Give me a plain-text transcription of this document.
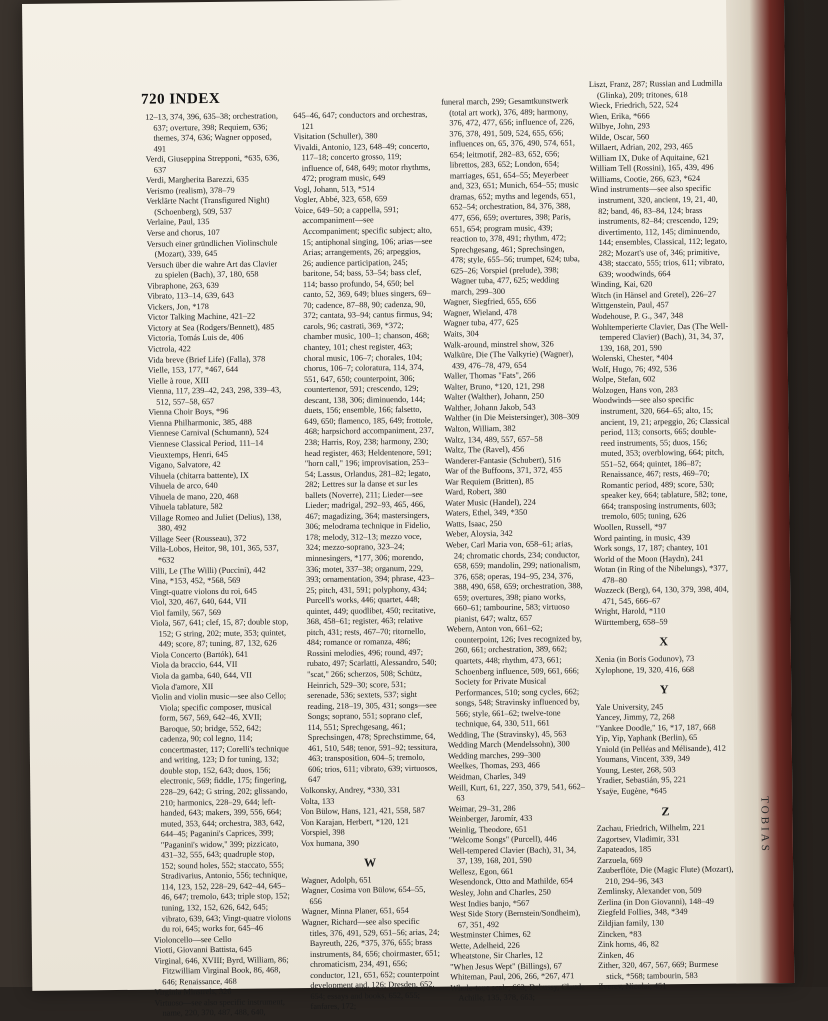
720 INDEX

12–13, 374, 396, 635–38; orchestration, 637; overture, 398; Requiem, 636; themes, 374, 636; Wagner opposed, 491

Verdi, Giuseppina Strepponi, *635, 636, 637

Verdi, Margherita Barezzi, 635

Verismo (realism), 378–79

Verklärte Nacht (Transfigured Night) (Schoenberg), 509, 537

Verlaine, Paul, 135

Verse and chorus, 107

Versuch einer gründlichen Violinschule (Mozart), 339, 645

Versuch über die wahre Art das Clavier zu spielen (Bach), 37, 180, 658

Vibraphone, 263, 639

Vibrato, 113–14, 639, 643

Vickers, Jon, *178

Victor Talking Machine, 421–22

Victory at Sea (Rodgers/Bennett), 485

Victoria, Tomás Luis de, 406

Victrola, 422

Vida breve (Brief Life) (Falla), 378

Vielle, 153, 177, *467, 644

Vielle à roue, XIII

Vienna, 117, 239–42, 243, 298, 339–43, 512, 557–58, 657

Vienna Choir Boys, *96

Vienna Philharmonic, 385, 488

Viennese Carnival (Schumann), 524

Viennese Classical Period, 111–14

Vieuxtemps, Henri, 645

Vigano, Salvatore, 42

Vihuela (chitarra battente), IX

Vihuela de arco, 640

Vihuela de mano, 220, 468

Vihuela tablature, 582

Village Romeo and Juliet (Delius), 138, 380, 492

Village Seer (Rousseau), 372

Villa-Lobos, Heitor, 98, 101, 365, 537, *632

Villi, Le (The Willi) (Puccini), 442

Vina, *153, 452, *568, 569

Vingt-quatre violons du roi, 645

Viol, 320, 467, 640, 644, VII

Viol family, 567, 569

Viola, 567, 641; clef, 15, 87; double stop, 152; G string, 202; mute, 353; quintet, 449; score, 87; tuning, 87, 132, 626

Viola Concerto (Bartók), 641

Viola da braccio, 644, VII

Viola da gamba, 640, 644, VII

Viola d'amore, XII

Violin and violin music—see also Cello; Viola; specific composer, musical form, 567, 569, 642–46, XVII; Baroque, 50; bridge, 552, 642; cadenza, 90; col legno, 114; concertmaster, 117; Corelli's technique and writing, 123; D for tuning, 132; double stop, 152, 643; duos, 156; electronic, 569; fiddle, 175; fingering, 228–29, 642; G string, 202; glissando, 210; harmonics, 228–29, 644; left-handed, 643; makers, 399, 556, 664; muted, 353, 644; orchestra, 383, 642, 644–45; Paganini's Caprices, 399; "Paganini's widow," 399; pizzicato, 431–32, 555, 643; quadruple stop, 152; sound holes, 552; staccato, 555; Stradivarius, Antonio, 556; technique, 114, 123, 152, 228–29, 642–44, 645–46, 647; tremolo, 643; triple stop, 152; tuning, 132, 152, 626, 642, 645; vibrato, 639, 643; Vingt-quatre violons du roi, 645; works for, 645–46

Violoncello—see Cello

Viotti, Giovanni Battista, 645

Virginal, 646, XVIII; Byrd, William, 86; Fitzwilliam Virginal Book, 86, 468, 646; Renaissance, 468

Virginia Minstrels, 326

Virtuoso—see also specific instrument, name, 220, 370, 487, 488, 640,

645–46, 647; conductors and orchestras, 121

Visitation (Schuller), 380

Vivaldi, Antonio, 123, 648–49; concerto, 117–18; concerto grosso, 119; influence of, 648, 649; motor rhythms, 472; program music, 649

Vogl, Johann, 513, *514

Vogler, Abbé, 323, 658, 659

Voice, 649–50; a cappella, 591; accompaniment—see Accompaniment; specific subject; alto, 15; antiphonal singing, 106; arias—see Arias; arrangements, 26; arpeggios, 26; audience participation, 245; baritone, 54; bass, 53–54; bass clef, 114; basso profundo, 54, 650; bel canto, 52, 369, 649; blues singers, 69–70; cadence, 87–88, 90; cadenza, 90, 372; cantata, 93–94; cantus firmus, 94; carols, 96; castrati, 369, *372; chamber music, 100–1; chanson, 468; chantey, 101; chest register, 463; choral music, 106–7; chorales, 104; chorus, 106–7; coloratura, 114, 374, 551, 647, 650; counterpoint, 306; countertenor, 591; crescendo, 129; descant, 138, 306; diminuendo, 144; duets, 156; ensemble, 166; falsetto, 649, 650; flamenco, 185, 649; frottole, 468; harpsichord accompaniment, 237, 238; Harris, Roy, 238; harmony, 230; head register, 463; Heldentenore, 591; "horn call," 196; improvisation, 253–54; Lassus, Orlandus, 281–82; legato, 282; Lettres sur la danse et sur les ballets (Noverre), 211; Lieder—see Lieder; madrigal, 292–93, 465, 466, 467; magadizing, 364; mastersingers, 306; melodrama technique in Fidelio, 178; melody, 312–13; mezzo voce, 324; mezzo-soprano, 323–24; minnesingers, *177, 306; morendo, 336; motet, 337–38; organum, 229, 393; ornamentation, 394; phrase, 423–25; pitch, 431, 591; polyphony, 434; Purcell's works, 446; quartet, 448; quintet, 449; quodlibet, 450; recitative, 368, 458–61; register, 463; relative pitch, 431; rests, 467–70; ritornello, 484; romance or romanza, 486; Rossini melodies, 496; round, 497; rubato, 497; Scarlatti, Alessandro, 540; "scat," 266; scherzos, 508; Schütz, Heinrich, 529–30; score, 531; serenade, 536; sextets, 537; sight reading, 218–19, 305, 431; songs—see Songs; soprano, 551; soprano clef, 114, 551; Sprechgesang, 461; Sprechsingen, 478; Sprechstimme, 64, 461, 510, 548; tenor, 591–92; tessitura, 463; transposition, 604–5; tremolo, 606; trios, 611; vibrato, 639; virtuosos, 647

Volkonsky, Andrey, *330, 331

Volta, 133

Von Bülow, Hans, 121, 421, 558, 587

Von Karajan, Herbert, *120, 121

Vorspiel, 398

Vox humana, 390

W

Wagner, Adolph, 651

Wagner, Cosima von Bülow, 654–55, 656

Wagner, Minna Planer, 651, 654

Wagner, Richard—see also specific titles, 376, 491, 529, 651–56; arias, 24; Bayreuth, 226, *375, 376, 655; brass instruments, 84, 656; choirmaster, 651; chromaticism, 234, 491, 656; conductor, 121, 651, 652; counterpoint development and, 126; Dresden, 652, 654; essays and books, 652, 655; fanfares, 172;

funeral march, 299; Gesamtkunstwerk (total art work), 376, 489; harmony, 376, 472, 477, 656; influence of, 226, 376, 378, 491, 509, 524, 655, 656; influences on, 65, 376, 490, 574, 651, 654; leitmotif, 282–83, 652, 656; librettos, 283, 652; London, 654; marriages, 651, 654–55; Meyerbeer and, 323, 651; Munich, 654–55; music dramas, 652; myths and legends, 651, 652–54; orchestration, 84, 376, 388, 477, 656, 659; overtures, 398; Paris, 651, 654; program music, 439; reaction to, 378, 491; rhythm, 472; Sprechgesang, 461; Sprechsingen, 478; style, 655–56; trumpet, 624; tuba, 625–26; Vorspiel (prelude), 398; Wagner tuba, 477, 625; wedding march, 299–300

Wagner, Siegfried, 655, 656

Wagner, Wieland, 478

Wagner tuba, 477, 625

Waits, 304

Walk-around, minstrel show, 326

Walküre, Die (The Valkyrie) (Wagner), 439, 476–78, 479, 654

Waller, Thomas "Fats", 266

Walter, Bruno, *120, 121, 298

Walter (Walther), Johann, 250

Walther, Johann Jakob, 543

Walther (in Die Meistersinger), 308–309

Walton, William, 382

Waltz, 134, 489, 557, 657–58

Waltz, The (Ravel), 456

Wanderer-Fantasie (Schubert), 516

War of the Buffoons, 371, 372, 455

War Requiem (Britten), 85

Ward, Robert, 380

Water Music (Handel), 224

Waters, Ethel, 349, *350

Watts, Isaac, 250

Weber, Aloysia, 342

Weber, Carl Maria von, 658–61; arias, 24; chromatic chords, 234; conductor, 658, 659; mandolin, 299; nationalism, 376, 658; operas, 194–95, 234, 376, 388, 490, 658, 659; orchestration, 388, 659; overtures, 398; piano works, 660–61; tambourine, 583; virtuoso pianist, 647; waltz, 657

Webern, Anton von, 661–62; counterpoint, 126; Ives recognized by, 260, 661; orchestration, 389, 662; quartets, 448; rhythm, 473, 661; Schoenberg influence, 509, 661, 666; Society for Private Musical Performances, 510; song cycles, 662; songs, 548; Stravinsky influenced by, 566; style, 661–62; twelve-tone technique, 64, 330, 511, 661

Wedding, The (Stravinsky), 45, 563

Wedding March (Mendelssohn), 300

Wedding marches, 299–300

Weelkes, Thomas, 293, 466

Weidman, Charles, 349

Weill, Kurt, 61, 227, 350, 379, 541, 662–63

Weimar, 29–31, 286

Weinberger, Jaromír, 433

Weinlig, Theodore, 651

"Welcome Songs" (Purcell), 446

Well-tempered Clavier (Bach), 31, 34, 37, 139, 168, 201, 590

Wellesz, Egon, 661

Wesendonck, Otto and Mathilde, 654

Wesley, John and Charles, 250

West Indies banjo, *567

West Side Story (Bernstein/Sondheim), 67, 351, 492

Westminster Chimes, 62

Wette, Adelheid, 226

Wheatstone, Sir Charles, 12

"When Jesus Wept" (Billings), 67

Whiteman, Paul, 206, 266, *267, 471

Whole-tone scale, 663; Debussy, Claude Achille, 135, 378, 663;

Liszt, Franz, 287; Russian and Ludmilla (Glinka), 209; tritones, 618

Wieck, Friedrich, 522, 524

Wien, Erika, *666

Wilbye, John, 293

Wilde, Oscar, 560

Willaert, Adrian, 202, 293, 465

William IX, Duke of Aquitaine, 621

William Tell (Rossini), 165, 439, 496

Williams, Cootie, 266, 623, *624

Wind instruments—see also specific instrument, 320, ancient, 19, 21, 40, 82; band, 46, 83–84, 124; brass instruments, 82–84; crescendo, 129; divertimento, 112, 145; diminuendo, 144; ensembles, Classical, 112; legato, 282; Mozart's use of, 346; primitive, 438; staccato, 555; trios, 611; vibrato, 639; woodwinds, 664

Winding, Kai, 620

Witch (in Hänsel and Gretel), 226–27

Wittgenstein, Paul, 457

Wodehouse, P. G., 347, 348

Wohltemperierte Clavier, Das (The Well-tempered Clavier) (Bach), 31, 34, 37, 139, 168, 201, 590

Wolenski, Chester, *404

Wolf, Hugo, 76; 492, 536

Wolpe, Stefan, 602

Wolzogen, Hans von, 283

Woodwinds—see also specific instrument, 320, 664–65; alto, 15; ancient, 19, 21; arpeggio, 26; Classical period, 113; consorts, 665; double-reed instruments, 55; duos, 156; muted, 353; overblowing, 664; pitch, 551–52, 664; quintet, 186–87; Renaissance, 467; rests, 469–70; Romantic period, 489; score, 530; speaker key, 664; tablature, 582; tone, 664; transposing instruments, 603; tremolo, 605; tuning, 626

Woollen, Russell, *97

Word painting, in music, 439

Work songs, 17, 187; chantey, 101

World of the Moon (Haydn), 241

Wotan (in Ring of the Nibelungs), *377, 478–80

Wozzeck (Berg), 64, 130, 379, 398, 404, 471, 545, 666–67

Wright, Harold, *110

Württemberg, 658–59

X

Xenia (in Boris Godunov), 73

Xylophone, 19, 320, 416, 668

Y

Yale University, 245

Yancey, Jimmy, 72, 268

"Yankee Doodle," 16, *17, 187, 668

Yip, Yip, Yaphank (Berlin), 65

Yniold (in Pelléas and Mélisande), 412

Youmans, Vincent, 339, 349

Young, Lester, 268, 503

Yradier, Sebastián, 95, 221

Ysaÿe, Eugène, *645

Z

Zachau, Friedrich, Wilhelm, 221

Zagortsev, Vladimir, 331

Zapateados, 185

Zarzuela, 669

Zauberflöte, Die (Magic Flute) (Mozart), 210, 294–96, 343

Zemlinsky, Alexander von, 509

Zerlina (in Don Giovanni), 148–49

Ziegfeld Follies, 348, *349

Zildjian family, 130

Zincken, *83

Zink horns, 46, 82

Zinken, 46

Zither, 320, 467, 567, 669; Burmese stick, *568; tambourin, 583

Zverev, Nicolai, 451

TOBIAS
